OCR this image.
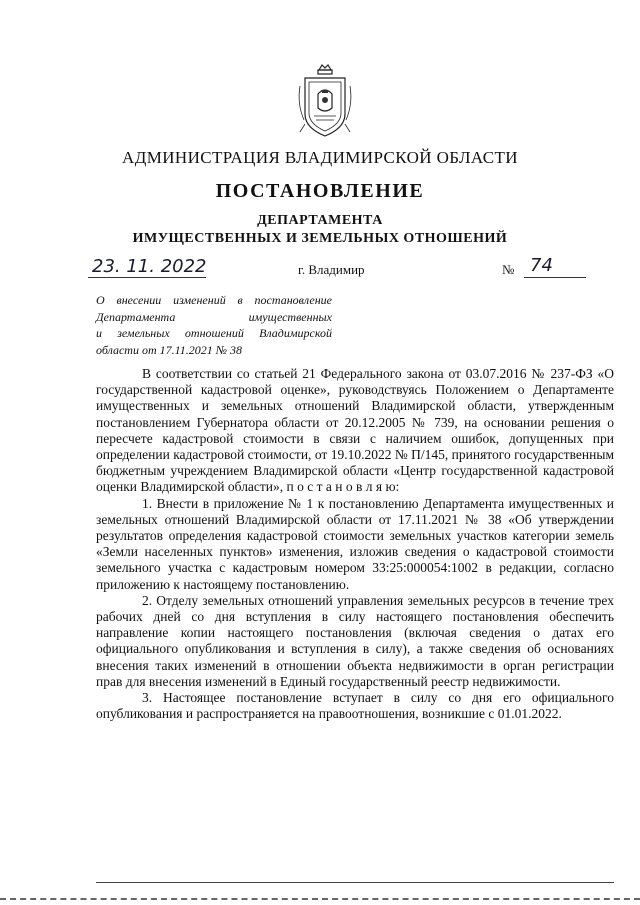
АДМИНИСТРАЦИЯ ВЛАДИМИРСКОЙ ОБЛАСТИ
ПОСТАНОВЛЕНИЕ
ДЕПАРТАМЕНТА
ИМУЩЕСТВЕННЫХ И ЗЕМЕЛЬНЫХ ОТНОШЕНИЙ
23. 11. 2022	г. Владимир	№ 74
О внесении изменений в постановление
Департамента имущественных
и земельных отношений Владимирской
области от 17.11.2021 № 38

В соответствии со статьей 21 Федерального закона от 03.07.2016 № 237-ФЗ «О государственной кадастровой оценке», руководствуясь Положением о Департаменте имущественных и земельных отношений Владимирской области, утвержденным постановлением Губернатора области от 20.12.2005 № 739, на основании решения о пересчете кадастровой стоимости в связи с наличием ошибок, допущенных при определении кадастровой стоимости, от 19.10.2022 № П/145, принятого государственным бюджетным учреждением Владимирской области «Центр государственной кадастровой оценки Владимирской области», п о с т а н о в л я ю:

1. Внести в приложение № 1 к постановлению Департамента имущественных и земельных отношений Владимирской области от 17.11.2021 № 38 «Об утверждении результатов определения кадастровой стоимости земельных участков категории земель «Земли населенных пунктов» изменения, изложив сведения о кадастровой стоимости земельного участка с кадастровым номером 33:25:000054:1002 в редакции, согласно приложению к настоящему постановлению.

2. Отделу земельных отношений управления земельных ресурсов в течение трех рабочих дней со дня вступления в силу настоящего постановления обеспечить направление копии настоящего постановления (включая сведения о датах его официального опубликования и вступления в силу), а также сведения об основаниях внесения таких изменений в отношении объекта недвижимости в орган регистрации прав для внесения изменений в Единый государственный реестр недвижимости.

3. Настоящее постановление вступает в силу со дня его официального опубликования и распространяется на правоотношения, возникшие с 01.01.2022.
